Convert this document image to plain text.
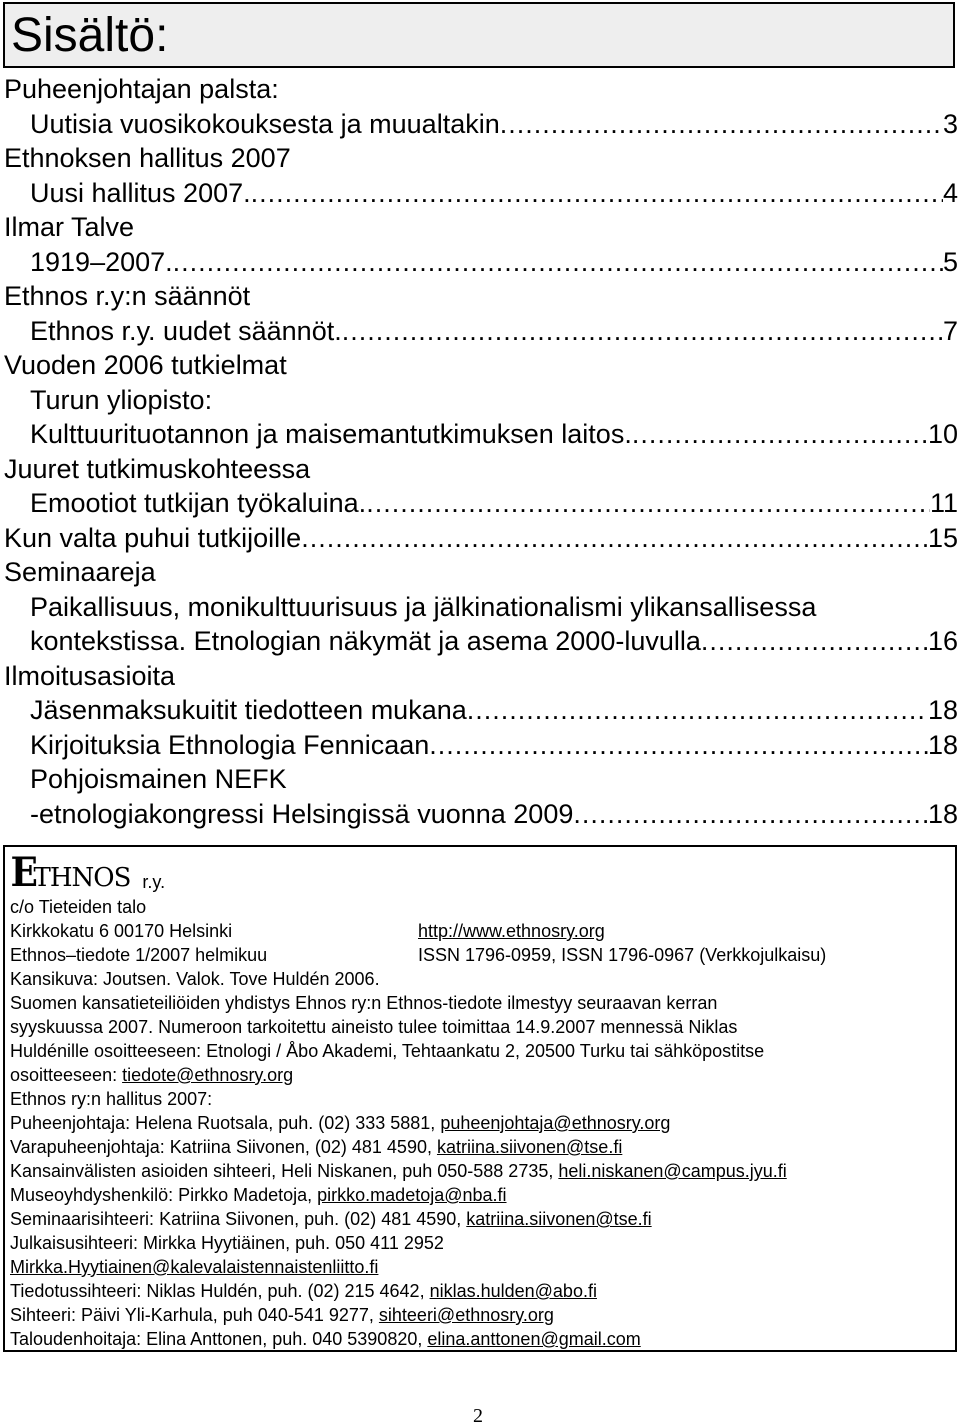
Sisältö:
Puheenjohtajan palsta:
Uutisia vuosikokouksesta ja muualtakin .....	3
Ethnoksen hallitus 2007
Uusi hallitus 2007. .....	4
Ilmar Talve
1919–2007. .....	5
Ethnos r.y:n säännöt
Ethnos r.y. uudet säännöt. .....	7
Vuoden 2006 tutkielmat
Turun yliopisto:
Kulttuurituotannon ja maisemantutkimuksen laitos. .....	10
Juuret tutkimuskohteessa
Emootiot tutkijan työkaluina. .....	11
Kun valta puhui tutkijoille .....	15
Seminaareja
Paikallisuus, monikulttuurisuus ja jälkinationalismi ylikansallisessa
kontekstissa. Etnologian näkymät ja asema 2000-luvulla .....	16
Ilmoitusasioita
Jäsenmaksukuitit tiedotteen mukana .....	18
Kirjoituksia Ethnologia Fennicaan .....	18
Pohjoismainen NEFK
-etnologiakongressi Helsingissä vuonna 2009 .....	18
E
THNOS r.y.
c/o Tieteiden talo
Kirkkokatu 6 00170 Helsinki	http://www.ethnosry.org
Ethnos–tiedote 1/2007 helmikuu	ISSN 1796-0959, ISSN 1796-0967 (Verkkojulkaisu)
Kansikuva: Joutsen. Valok. Tove Huldén 2006.
Suomen kansatieteiliöiden yhdistys Ehnos ry:n Ethnos-tiedote ilmestyy seuraavan kerran
syyskuussa 2007. Numeroon tarkoitettu aineisto tulee toimittaa 14.9.2007 mennessä Niklas
Huldénille osoitteeseen: Etnologi / Åbo Akademi, Tehtaankatu 2, 20500 Turku tai sähköpostitse
osoitteeseen: tiedote@ethnosry.org
Ethnos ry:n hallitus 2007:
Puheenjohtaja: Helena Ruotsala, puh. (02) 333 5881, puheenjohtaja@ethnosry.org
Varapuheenjohtaja: Katriina Siivonen, (02) 481 4590, katriina.siivonen@tse.fi
Kansainvälisten asioiden sihteeri, Heli Niskanen, puh 050-588 2735, heli.niskanen@campus.jyu.fi
Museoyhdyshenkilö: Pirkko Madetoja, pirkko.madetoja@nba.fi
Seminaarisihteeri: Katriina Siivonen, puh. (02) 481 4590, katriina.siivonen@tse.fi
Julkaisusihteeri: Mirkka Hyytiäinen, puh. 050 411 2952
Mirkka.Hyytiainen@kalevalaistennaistenliitto.fi
Tiedotussihteeri: Niklas Huldén, puh. (02) 215 4642, niklas.hulden@abo.fi
Sihteeri: Päivi Yli-Karhula, puh 040-541 9277, sihteeri@ethnosry.org
Taloudenhoitaja: Elina Anttonen, puh. 040 5390820, elina.anttonen@gmail.com
2
